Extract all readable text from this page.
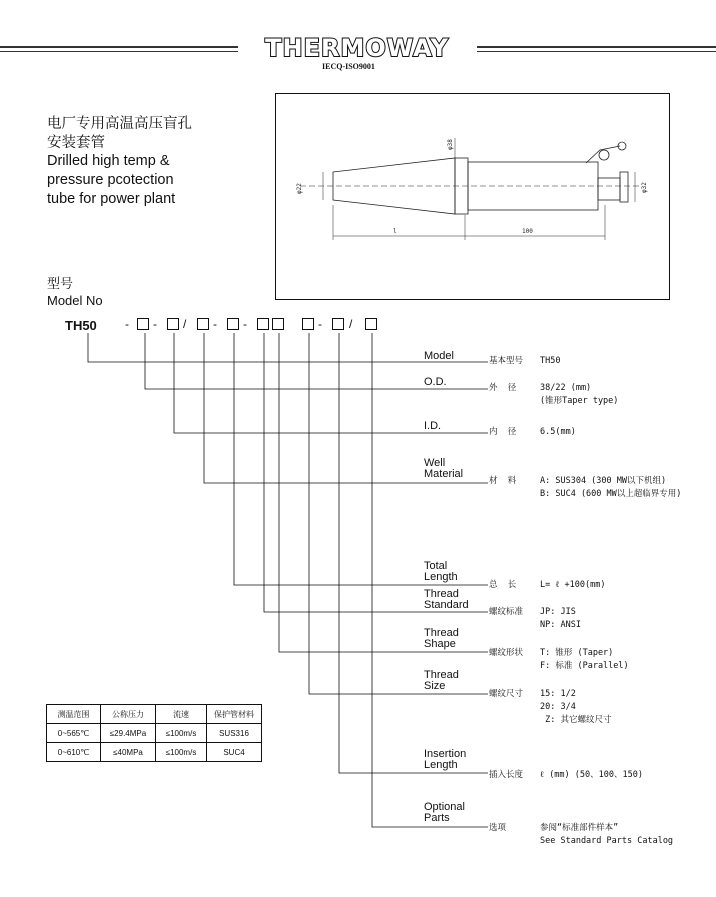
THERMOWAY
IECQ-ISO9001
电厂专用高温高压盲孔
安装套管
Drilled high temp &
pressure pcotection
tube for power plant
φ22
φ38
φ32
l	100
型号
Model No
TH50 - - / - -	- /
Model
O.D.
I.D.
Well
Material
Total
Length
Thread
Standard
Thread
Shape
Thread
Size
Insertion
Length
Optional
Parts
基本型号
外  径
内  径
材  料
总  长
螺纹标准
螺纹形状
螺纹尺寸
插入长度
选项
TH50
38/22 (mm)
(锥形Taper type)
6.5(mm)
A: SUS304 (300 MW以下机组)
B: SUC4 (600 MW以上超临界专用)
L= ℓ +100(mm)
JP: JIS
NP: ANSI
T: 锥形 (Taper)
F: 标准 (Parallel)
15: 1/2
20: 3/4
Z: 其它螺纹尺寸
ℓ (mm) (50、100、150)
参阅“标准部件样本”
See Standard Parts Catalog
测温范围	公称压力	流速	保护管材料
0~565℃	≤29.4MPa	≤100m/s	SUS316
0~610℃	≤40MPa	≤100m/s	SUC4
